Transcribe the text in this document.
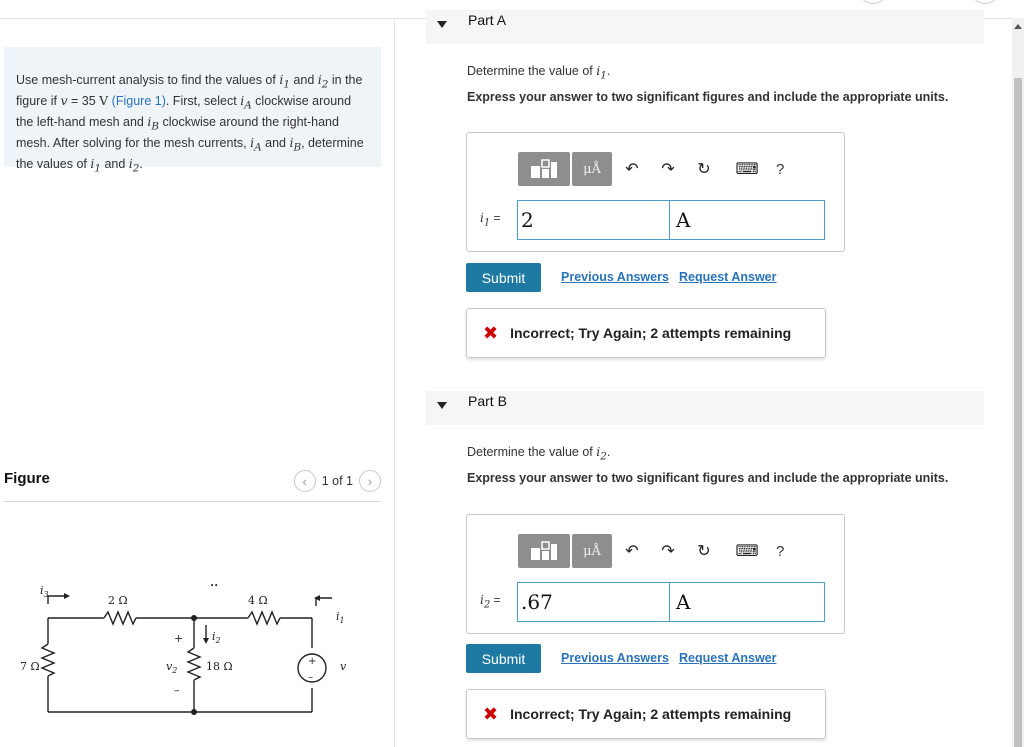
Use mesh-current analysis to find the values of $i_1$ and $i_2$ in the figure if v = 35 V (Figure 1). First, select $i_A$ clockwise around the left-hand mesh and $i_B$ clockwise around the right-hand mesh. After solving for the mesh currents, $i_A$ and $i_B$, determine the values of $i_1$ and $i_2$.
Figure	‹ 1 of 1 ›
$i_3$	2 Ω	4 Ω
7 Ω	18 Ω
$i_2$
$i_1$
$v_2$	v
+
–
+
–
••
Part A
Determine the value of $i_1$.
Express your answer to two significant figures and include the appropriate units.
μÅ	↶	↷	↻	⌨	?
$i_1$ =	2	A
Submit	Previous Answers Request Answer
✖ Incorrect; Try Again; 2 attempts remaining
Part B
Determine the value of $i_2$.
Express your answer to two significant figures and include the appropriate units.
μÅ	↶	↷	↻	⌨	?
$i_2$ =	.67	A
Submit	Previous Answers Request Answer
✖ Incorrect; Try Again; 2 attempts remaining
